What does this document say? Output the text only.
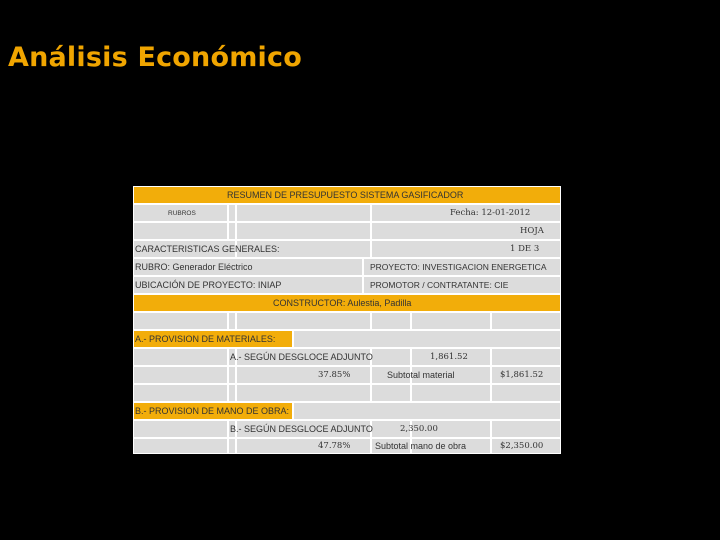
Análisis Económico
RESUMEN DE PRESUPUESTO SISTEMA GASIFICADOR
RUBROS	Fecha: 12-01-2012
HOJA
CARACTERISTICAS GENERALES:	1 DE 3
RUBRO: Generador Eléctrico	PROYECTO: INVESTIGACION ENERGETICA
UBICACIÓN DE PROYECTO: INIAP	PROMOTOR / CONTRATANTE: CIE
CONSTRUCTOR: Aulestia, Padilla
A.- PROVISION DE MATERIALES:
A.- SEGÚN DESGLOCE ADJUNTO	1,861.52
37.85%	Subtotal material	$1,861.52
B.- PROVISION DE MANO DE OBRA:
B.- SEGÚN DESGLOCE ADJUNTO	2,350.00
47.78%	Subtotal mano de obra	$2,350.00
